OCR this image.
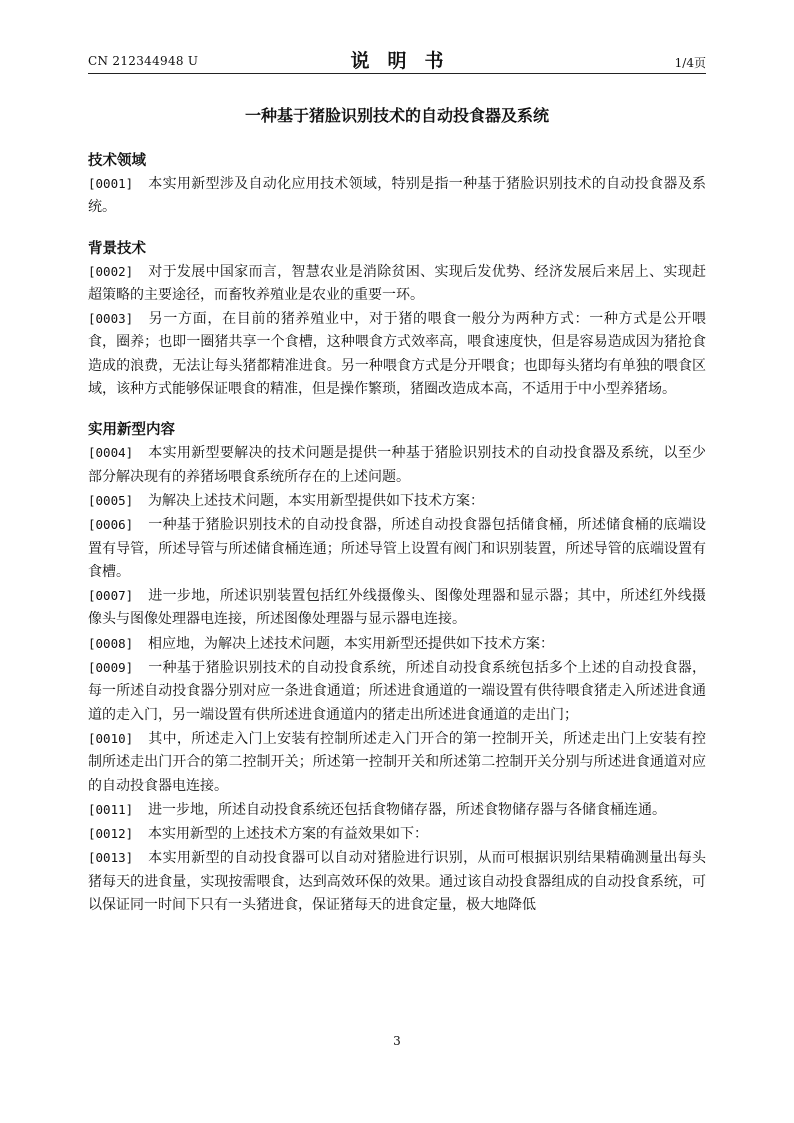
CN 212344948 U	说明书	1/4页
一种基于猪脸识别技术的自动投食器及系统
技术领域

[0001] 本实用新型涉及自动化应用技术领域，特别是指一种基于猪脸识别技术的自动投食器及系统。

背景技术

[0002] 对于发展中国家而言，智慧农业是消除贫困、实现后发优势、经济发展后来居上、实现赶超策略的主要途径，而畜牧养殖业是农业的重要一环。

[0003] 另一方面，在目前的猪养殖业中，对于猪的喂食一般分为两种方式：一种方式是公开喂食，圈养；也即一圈猪共享一个食槽，这种喂食方式效率高，喂食速度快，但是容易造成因为猪抢食造成的浪费，无法让每头猪都精准进食。另一种喂食方式是分开喂食；也即每头猪均有单独的喂食区域，该种方式能够保证喂食的精准，但是操作繁琐，猪圈改造成本高，不适用于中小型养猪场。

实用新型内容

[0004] 本实用新型要解决的技术问题是提供一种基于猪脸识别技术的自动投食器及系统，以至少部分解决现有的养猪场喂食系统所存在的上述问题。

[0005] 为解决上述技术问题，本实用新型提供如下技术方案：

[0006] 一种基于猪脸识别技术的自动投食器，所述自动投食器包括储食桶，所述储食桶的底端设置有导管，所述导管与所述储食桶连通；所述导管上设置有阀门和识别装置，所述导管的底端设置有食槽。

[0007] 进一步地，所述识别装置包括红外线摄像头、图像处理器和显示器；其中，所述红外线摄像头与图像处理器电连接，所述图像处理器与显示器电连接。

[0008] 相应地，为解决上述技术问题，本实用新型还提供如下技术方案：

[0009] 一种基于猪脸识别技术的自动投食系统，所述自动投食系统包括多个上述的自动投食器，每一所述自动投食器分别对应一条进食通道；所述进食通道的一端设置有供待喂食猪走入所述进食通道的走入门，另一端设置有供所述进食通道内的猪走出所述进食通道的走出门；

[0010] 其中，所述走入门上安装有控制所述走入门开合的第一控制开关，所述走出门上安装有控制所述走出门开合的第二控制开关；所述第一控制开关和所述第二控制开关分别与所述进食通道对应的自动投食器电连接。

[0011] 进一步地，所述自动投食系统还包括食物储存器，所述食物储存器与各储食桶连通。

[0012] 本实用新型的上述技术方案的有益效果如下：

[0013] 本实用新型的自动投食器可以自动对猪脸进行识别，从而可根据识别结果精确测量出每头猪每天的进食量，实现按需喂食，达到高效环保的效果。通过该自动投食器组成的自动投食系统，可以保证同一时间下只有一头猪进食，保证猪每天的进食定量，极大地降低

3
